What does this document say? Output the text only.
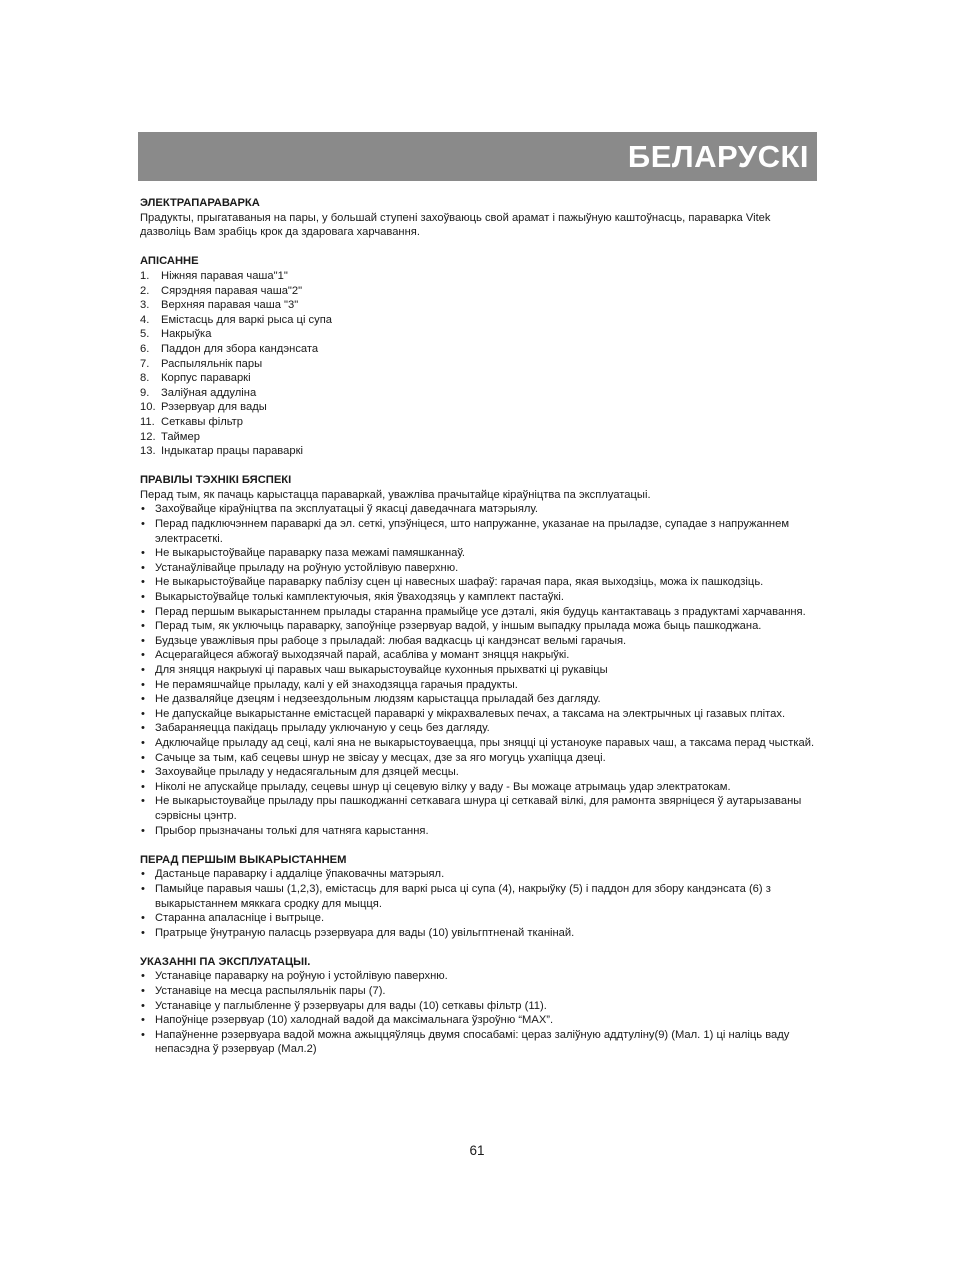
БЕЛАРУСКІ

ЭЛЕКТРАПАРАВАРКА

Прадукты, прыгатаваныя на пары, у большай ступені захоўваюць свой арамат і пажыўную каштоўнасць, параварка Vitek дазволіць Вам зрабіць крок да здаровага харчавання.

АПІСАННЕ

1. Ніжняя паравая чаша"1"
2. Сярэдняя паравая чаша"2"
3. Верхняя паравая чаша "3"
4. Еміcтасць для варкі рыса ці супа
5. Накрыўка
6. Паддон для збора кандэнсата
7. Распыляльнік пары
8. Корпус параваркі
9. Залiўная аддуліна
10. Рэзервуар для вады
11. Сеткавы фільтр
12. Таймер
13. Індыкатар працы параваркі

ПРАВІЛЫ ТЭХНІКІ БЯСПЕКІ

Перад тым, як пачаць карыстацца параваркай, уважліва прачытайце кіраўніцтва па эксплуатацыі.

• Захоўвайце кіраўніцтва па эксплуатацыі ў якасці даведачнага матэрыялу.
• Перад падключэннем параваркі да эл. сеткі, упэўніцеся, што напружанне, указанае на прыладзе, супадае з напружаннем электрасеткі.
• Не выкарыстоўвайце параварку паза межамі памяшканнаў.
• Устанаўлівайце прыладу на роўную устойлівую паверхню.
• Не выкарыстоўвайце параварку паблізу сцен ці навесных шафаў: гарачая пара, якая выходзіць, можа іх пашкодзіць.
• Выкарыстоўвайце толькі камплектуючыя, якія ўваходзяць у камплект пастаўкі.
• Перад першым выкарыстаннем прылады старанна прамыйце усе дэталі, якія будуць кантактаваць з прадуктамі харчавання.
• Перад тым, як уключыць параварку, запоўніце рэзервуар вадой, у іншым выпадку прылада можа быць пашкоджана.
• Будзьце уважлівыя пры рабоце з прыладай: любая вадкасць ці кандэнсат вельмі гарачыя.
• Асцерагайцеся абжогаў выходзячай парай, асабліва у момант зняцця накрыўкі.
• Для зняцця накрыукі ці паравых чаш выкарыстоувайце кухонныя прыхваткі ці рукавіцы
• Не перамяшчайце прыладу, калі у ей знаходзяцца гарачыя прадукты.
• Не дазваляйце дзецям і недзеездольным людзям карыстацца прыладай без дагляду.
• Не дапускайце выкарыстанне еміcтасцей параваркі у мікрахвалевых печах, а таксама на электрычных ці газавых плітах.
• Забараняецца пакідаць прыладу уключаную у сець без дагляду.
• Адключайце прыладу ад сеці, калі яна не выкарыстоуваецца, пры зняцці ці устаноуке паравых чаш, а таксама перад чысткай.
• Сачыце за тым, каб сецевы шнур не звісау у месцах, дзе за яго могуць ухапіцца дзеці.
• Захоувайце прыладу у недасягальным для дзяцей месцы.
• Ніколі не апускайце прыладу, сецевы шнур ці сецевую вілку у ваду - Вы можаце атрымаць удар электратокам.
• Не выкарыстоувайце прыладу пры пашкоджанні сеткавага шнура ці сеткавай вілкі, для рамонта звярніцеся ў аутарызаваны сэрвісны цэнтр.
• Прыбор прызначаны толькі для чатняга карыстання.

ПЕРАД ПЕРШЫМ ВЫКАРЫСТАННЕМ

• Дастаньце параварку і аддаліце ўпаковачны матэрыял.
• Памыйце паравыя чашы (1,2,3), еміcтасць для варкі рыса ці супа (4), накрыўку (5) і паддон для збору кандэнсата (6) з выкарыстаннем мяккага сродку для мыцця.
• Старанна апаласніце і вытрыце.
• Пратрыце ўнутраную паласць рэзервуара для вады (10) увільгптненай тканінай.

УКАЗАННІ ПА ЭКСПЛУАТАЦЫІ.

• Устанавіце параварку на роўную і устойлівую паверхню.
• Устанавіце на месца распыляльнік пары (7).
• Устанавіце у паглыбленне ў рэзервуары для вады (10) сеткавы фільтр (11).
• Напоўніце рэзервуар (10) халоднай вадой да максімальнага ўзроўню “MAX”.
• Напаўненне рэзервуара вадой можна ажыццяўляць двумя спосабамі: цераз залiўную аддтуліну(9) (Мал. 1) ці наліць ваду непасэдна ў рэзервуар (Мал.2)
61
